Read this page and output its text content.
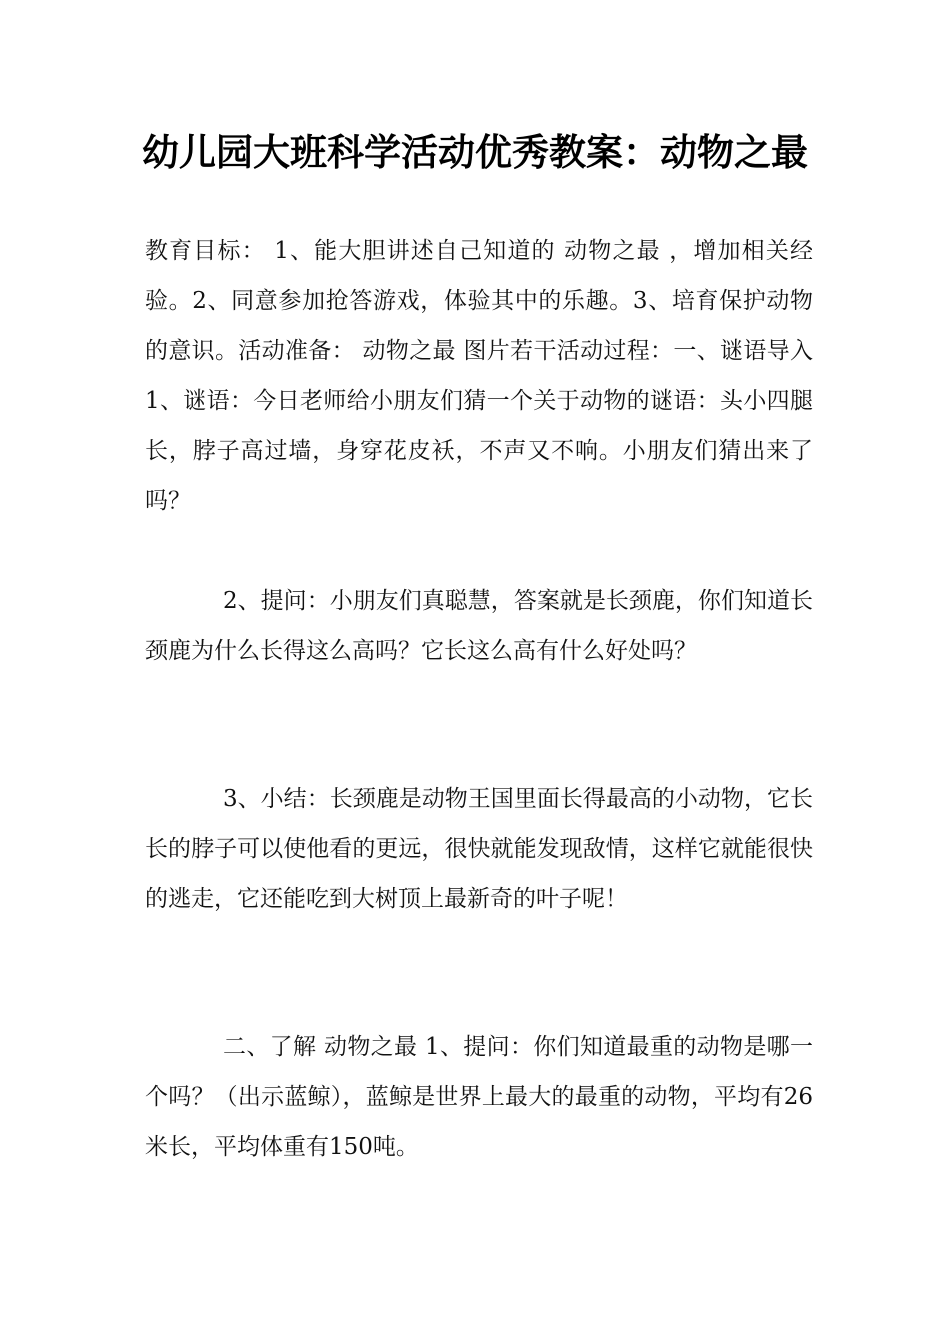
幼儿园大班科学活动优秀教案：动物之最

教育目标： 1、能大胆讲述自己知道的 动物之最 ，增加相关经验。2、同意参加抢答游戏，体验其中的乐趣。3、培育保护动物的意识。活动准备： 动物之最 图片若干活动过程：一、谜语导入1、谜语：今日老师给小朋友们猜一个关于动物的谜语：头小四腿长，脖子高过墙，身穿花皮袄，不声又不响。小朋友们猜出来了吗？

2、提问：小朋友们真聪慧，答案就是长颈鹿，你们知道长颈鹿为什么长得这么高吗？它长这么高有什么好处吗？

3、小结：长颈鹿是动物王国里面长得最高的小动物，它长长的脖子可以使他看的更远，很快就能发现敌情，这样它就能很快的逃走，它还能吃到大树顶上最新奇的叶子呢！

二、了解 动物之最 1、提问：你们知道最重的动物是哪一个吗？（出示蓝鲸），蓝鲸是世界上最大的最重的动物，平均有26米长，平均体重有150吨。
